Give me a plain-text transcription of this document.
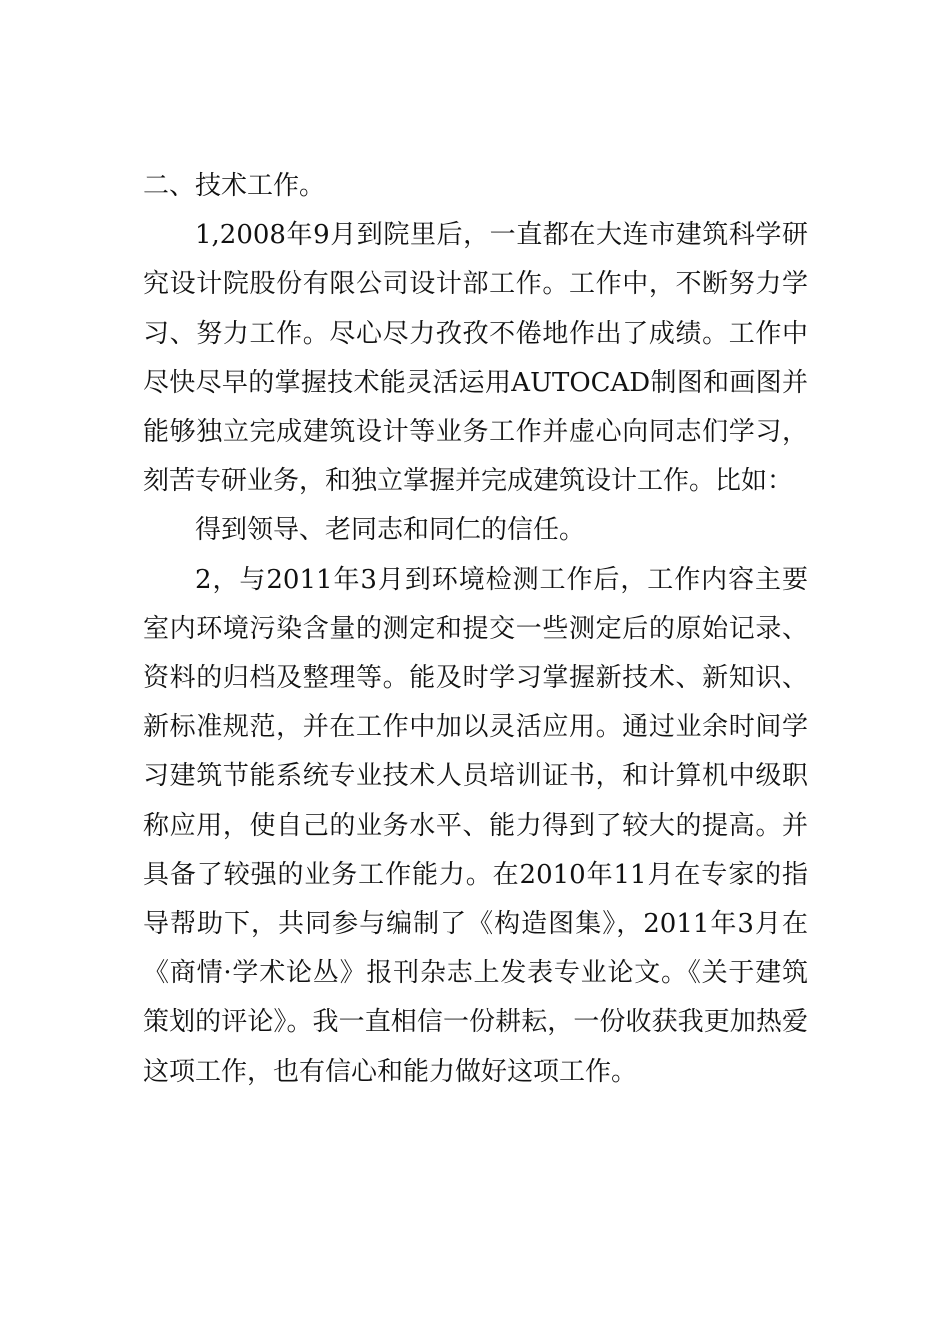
二、技术工作。

1,2008年9月到院里后，一直都在大连市建筑科学研究设计院股份有限公司设计部工作。工作中，不断努力学习、努力工作。尽心尽力孜孜不倦地作出了成绩。工作中尽快尽早的掌握技术能灵活运用AUTOCAD制图和画图并能够独立完成建筑设计等业务工作并虚心向同志们学习，刻苦专研业务，和独立掌握并完成建筑设计工作。比如：

得到领导、老同志和同仁的信任。

2，与2011年3月到环境检测工作后，工作内容主要室内环境污染含量的测定和提交一些测定后的原始记录、资料的归档及整理等。能及时学习掌握新技术、新知识、新标准规范，并在工作中加以灵活应用。通过业余时间学习建筑节能系统专业技术人员培训证书，和计算机中级职称应用，使自己的业务水平、能力得到了较大的提高。并具备了较强的业务工作能力。在2010年11月在专家的指导帮助下，共同参与编制了《构造图集》，2011年3月在《商情·学术论丛》报刊杂志上发表专业论文。《关于建筑策划的评论》。我一直相信一份耕耘，一份收获我更加热爱这项工作，也有信心和能力做好这项工作。
